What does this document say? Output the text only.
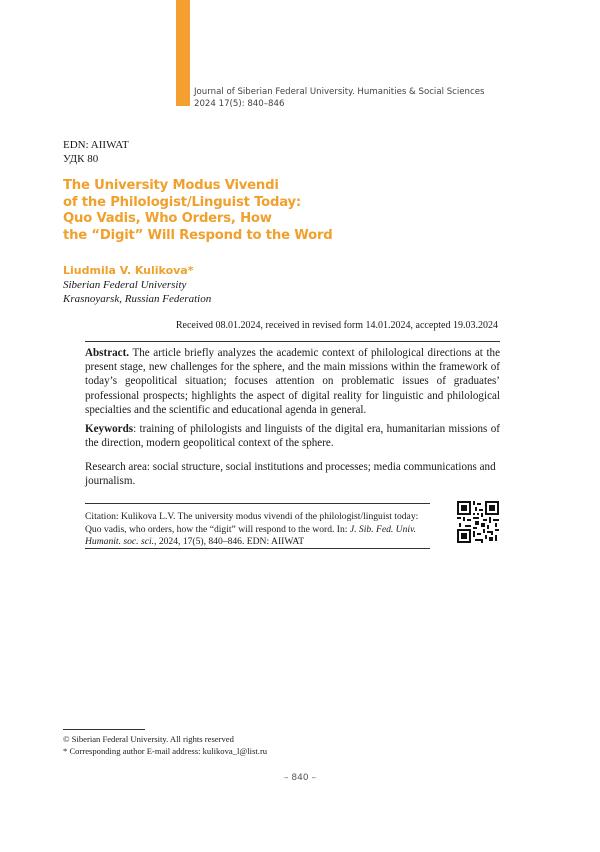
Journal of Siberian Federal University. Humanities & Social Sciences
2024 17(5): 840–846
EDN: AIIWAT
УДК 80
The University Modus Vivendi
of the Philologist/Linguist Today:
Quo Vadis, Who Orders, How
the “Digit” Will Respond to the Word
Liudmila V. Kulikova*
Siberian Federal University
Krasnoyarsk, Russian Federation
Received 08.01.2024, received in revised form 14.01.2024, accepted 19.03.2024
Abstract. The article briefly analyzes the academic context of philological directions at the present stage, new challenges for the sphere, and the main missions within the framework of today’s geopolitical situation; focuses attention on problematic issues of graduates’ professional prospects; highlights the aspect of digital reality for linguistic and philological specialties and the scientific and educational agenda in general.
Keywords: training of philologists and linguists of the digital era, humanitarian missions of the direction, modern geopolitical context of the sphere.
Research area: social structure, social institutions and processes; media communications and journalism.
Citation: Kulikova L.V. The university modus vivendi of the philologist/linguist today: Quo vadis, who orders, how the “digit” will respond to the word. In: J. Sib. Fed. Univ. Humanit. soc. sci., 2024, 17(5), 840–846. EDN: AIIWAT
© Siberian Federal University. All rights reserved
* Corresponding author E-mail address: kulikova_l@list.ru
– 840 –
